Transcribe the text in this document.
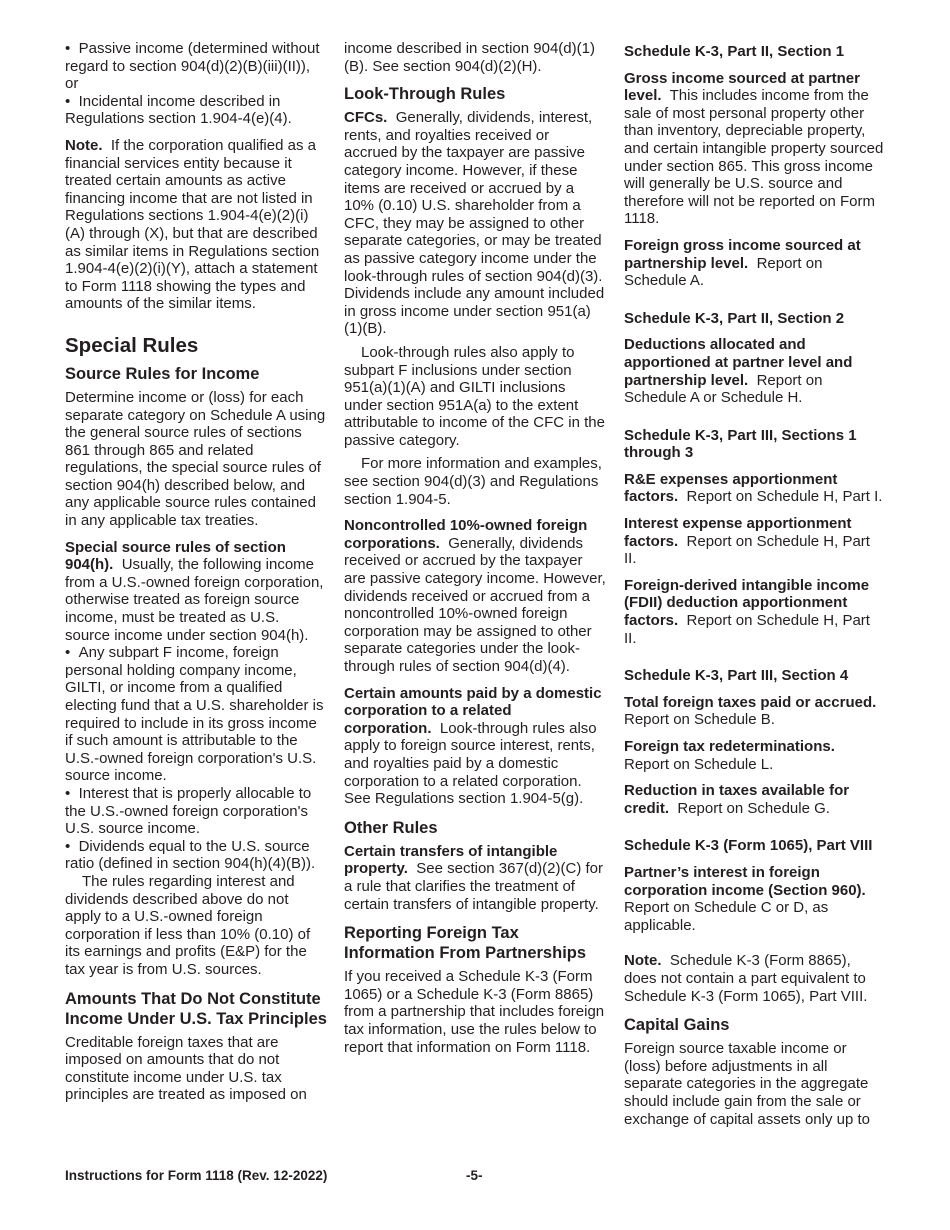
•  Passive income (determined without regard to section 904(d)(2)(B)(iii)(II)), or

•  Incidental income described in Regulations section 1.904-4(e)(4).

Note. If the corporation qualified as a financial services entity because it treated certain amounts as active financing income that are not listed in Regulations sections 1.904-4(e)(2)(i)(A) through (X), but that are described as similar items in Regulations section 1.904-4(e)(2)(i)(Y), attach a statement to Form 1118 showing the types and amounts of the similar items.

Special Rules
Source Rules for Income

Determine income or (loss) for each separate category on Schedule A using the general source rules of sections 861 through 865 and related regulations, the special source rules of section 904(h) described below, and any applicable source rules contained in any applicable tax treaties.

Special source rules of section 904(h). Usually, the following income from a U.S.-owned foreign corporation, otherwise treated as foreign source income, must be treated as U.S. source income under section 904(h).

•  Any subpart F income, foreign personal holding company income, GILTI, or income from a qualified electing fund that a U.S. shareholder is required to include in its gross income if such amount is attributable to the U.S.-owned foreign corporation's U.S. source income.

•  Interest that is properly allocable to the U.S.-owned foreign corporation's U.S. source income.

•  Dividends equal to the U.S. source ratio (defined in section 904(h)(4)(B)).

The rules regarding interest and dividends described above do not apply to a U.S.-owned foreign corporation if less than 10% (0.10) of its earnings and profits (E&P) for the tax year is from U.S. sources.

Amounts That Do Not Constitute Income Under U.S. Tax Principles

Creditable foreign taxes that are imposed on amounts that do not constitute income under U.S. tax principles are treated as imposed on

income described in section 904(d)(1)(B). See section 904(d)(2)(H).

Look-Through Rules

CFCs. Generally, dividends, interest, rents, and royalties received or accrued by the taxpayer are passive category income. However, if these items are received or accrued by a 10% (0.10) U.S. shareholder from a CFC, they may be assigned to other separate categories, or may be treated as passive category income under the look-through rules of section 904(d)(3). Dividends include any amount included in gross income under section 951(a)(1)(B).

Look-through rules also apply to subpart F inclusions under section 951(a)(1)(A) and GILTI inclusions under section 951A(a) to the extent attributable to income of the CFC in the passive category.

For more information and examples, see section 904(d)(3) and Regulations section 1.904-5.

Noncontrolled 10%-owned foreign corporations. Generally, dividends received or accrued by the taxpayer are passive category income. However, dividends received or accrued from a noncontrolled 10%-owned foreign corporation may be assigned to other separate categories under the look-through rules of section 904(d)(4).

Certain amounts paid by a domestic corporation to a related corporation. Look-through rules also apply to foreign source interest, rents, and royalties paid by a domestic corporation to a related corporation. See Regulations section 1.904-5(g).

Other Rules

Certain transfers of intangible property. See section 367(d)(2)(C) for a rule that clarifies the treatment of certain transfers of intangible property.

Reporting Foreign Tax Information From Partnerships

If you received a Schedule K-3 (Form 1065) or a Schedule K-3 (Form 8865) from a partnership that includes foreign tax information, use the rules below to report that information on Form 1118.

Schedule K-3, Part II, Section 1

Gross income sourced at partner level. This includes income from the sale of most personal property other than inventory, depreciable property, and certain intangible property sourced under section 865. This gross income will generally be U.S. source and therefore will not be reported on Form 1118.

Foreign gross income sourced at partnership level. Report on Schedule A.

Schedule K-3, Part II, Section 2

Deductions allocated and apportioned at partner level and partnership level. Report on Schedule A or Schedule H.

Schedule K-3, Part III, Sections 1 through 3

R&E expenses apportionment factors. Report on Schedule H, Part I.

Interest expense apportionment factors. Report on Schedule H, Part II.

Foreign-derived intangible income (FDII) deduction apportionment factors. Report on Schedule H, Part II.

Schedule K-3, Part III, Section 4

Total foreign taxes paid or accrued.  Report on Schedule B.

Foreign tax redeterminations.  Report on Schedule L.

Reduction in taxes available for credit. Report on Schedule G.

Schedule K-3 (Form 1065), Part VIII

Partner’s interest in foreign corporation income (Section 960).  Report on Schedule C or D, as applicable.

Note. Schedule K-3 (Form 8865), does not contain a part equivalent to Schedule K-3 (Form 1065), Part VIII.

Capital Gains

Foreign source taxable income or (loss) before adjustments in all separate categories in the aggregate should include gain from the sale or exchange of capital assets only up to

Instructions for Form 1118 (Rev. 12-2022)	-5-
